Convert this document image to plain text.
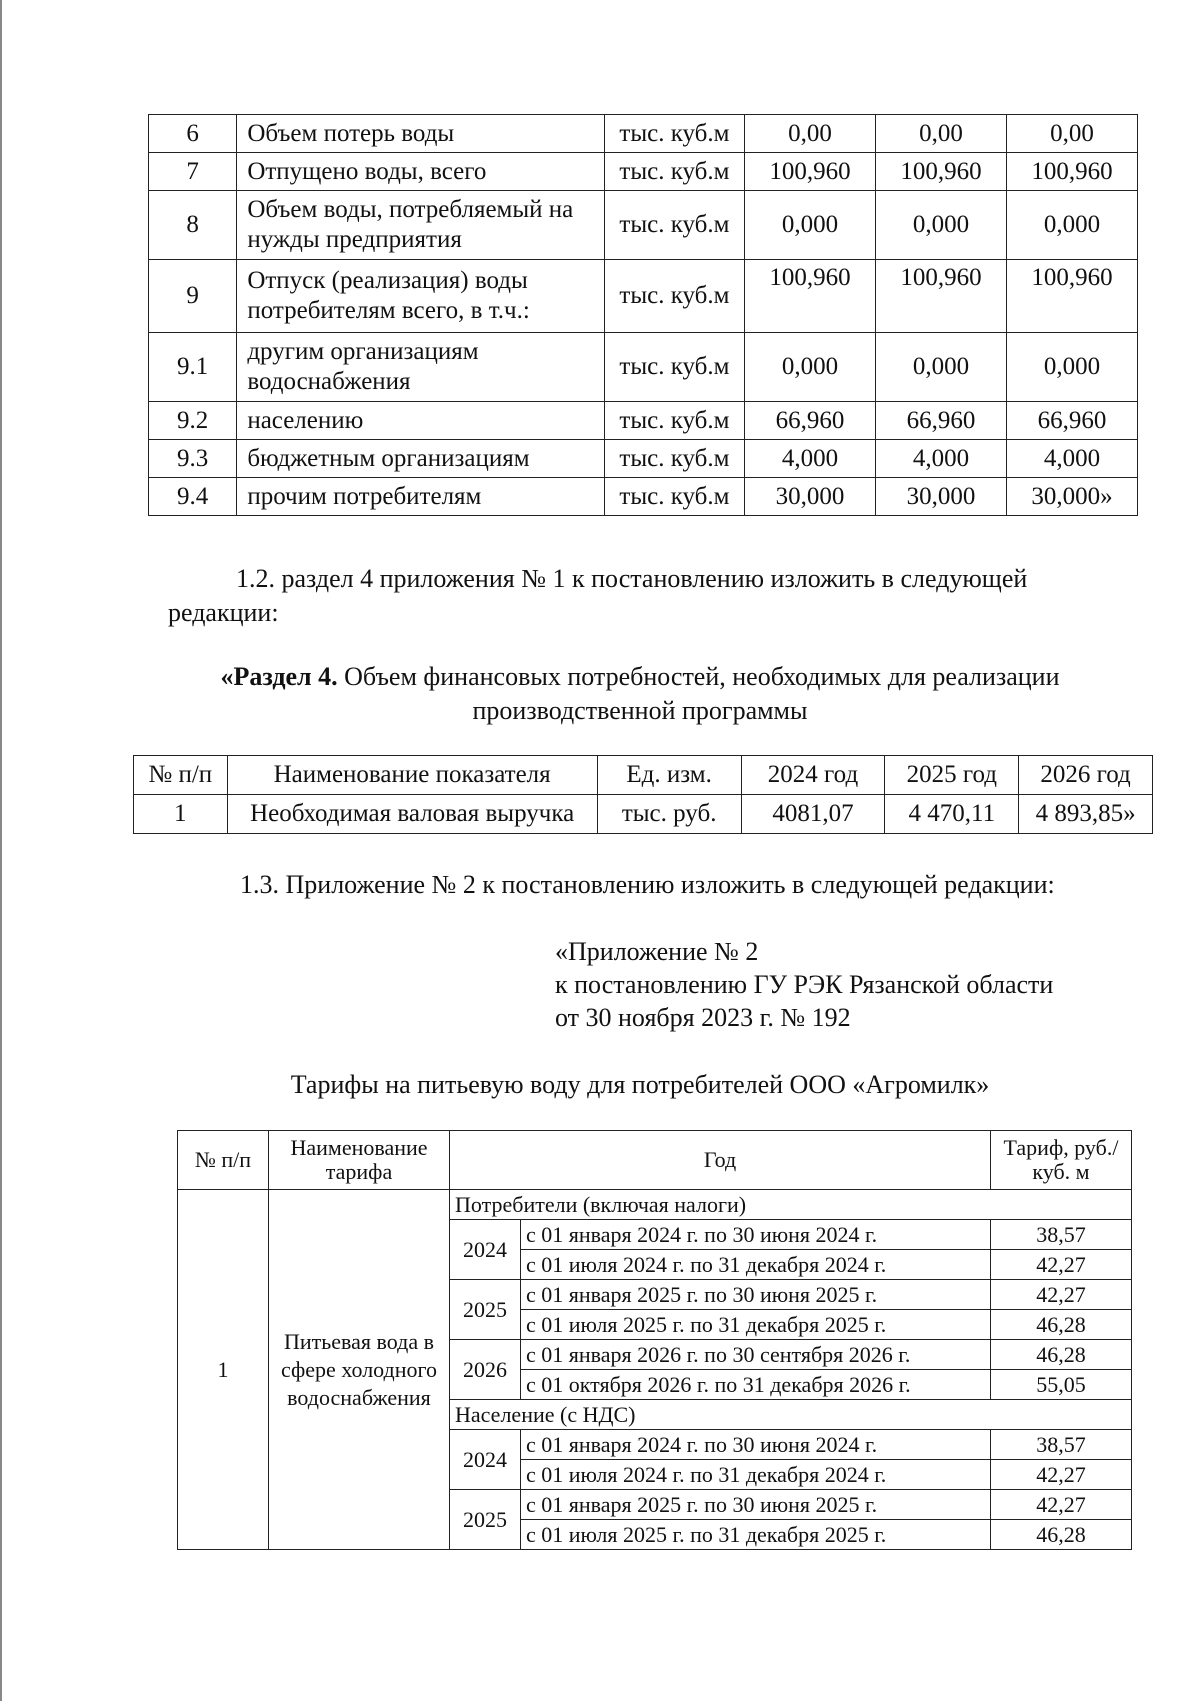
6	Объем потерь воды	тыс. куб.м	0,00	0,00	0,00
7	Отпущено воды, всего	тыс. куб.м	100,960	100,960	100,960
8	Объем воды, потребляемый на нужды предприятия	тыс. куб.м	0,000	0,000	0,000
9	Отпуск (реализация) воды потребителям всего, в т.ч.:	тыс. куб.м	100,960	100,960	100,960
9.1	другим организациям водоснабжения	тыс. куб.м	0,000	0,000	0,000
9.2	населению	тыс. куб.м	66,960	66,960	66,960
9.3	бюджетным организациям	тыс. куб.м	4,000	4,000	4,000
9.4	прочим потребителям	тыс. куб.м	30,000	30,000	30,000»
1.2. раздел 4 приложения № 1 к постановлению изложить в следующей редакции:
«Раздел 4. Объем финансовых потребностей, необходимых для реализации производственной программы
№ п/п	Наименование показателя	Ед. изм.	2024 год	2025 год	2026 год
1	Необходимая валовая выручка	тыс. руб.	4081,07	4 470,11	4 893,85»
1.3. Приложение № 2 к постановлению изложить в следующей редакции:
«Приложение № 2
к постановлению ГУ РЭК Рязанской области
от 30 ноября 2023 г. № 192
Тарифы на питьевую воду для потребителей ООО «Агромилк»
№ п/п	Наименование тарифа	Год		Тариф, руб./куб. м
1	Питьевая вода в сфере холодного водоснабжения	Потребители (включая налоги)		
		2024	с 01 января 2024 г. по 30 июня 2024 г.	38,57
			с 01 июля 2024 г. по 31 декабря 2024 г.	42,27
		2025	с 01 января 2025 г. по 30 июня 2025 г.	42,27
			с 01 июля 2025 г. по 31 декабря 2025 г.	46,28
		2026	с 01 января 2026 г. по 30 сентября 2026 г.	46,28
			с 01 октября 2026 г. по 31 декабря 2026 г.	55,05
		Население (с НДС)		
		2024	с 01 января 2024 г. по 30 июня 2024 г.	38,57
			с 01 июля 2024 г. по 31 декабря 2024 г.	42,27
		2025	с 01 января 2025 г. по 30 июня 2025 г.	42,27
			с 01 июля 2025 г. по 31 декабря 2025 г.	46,28
